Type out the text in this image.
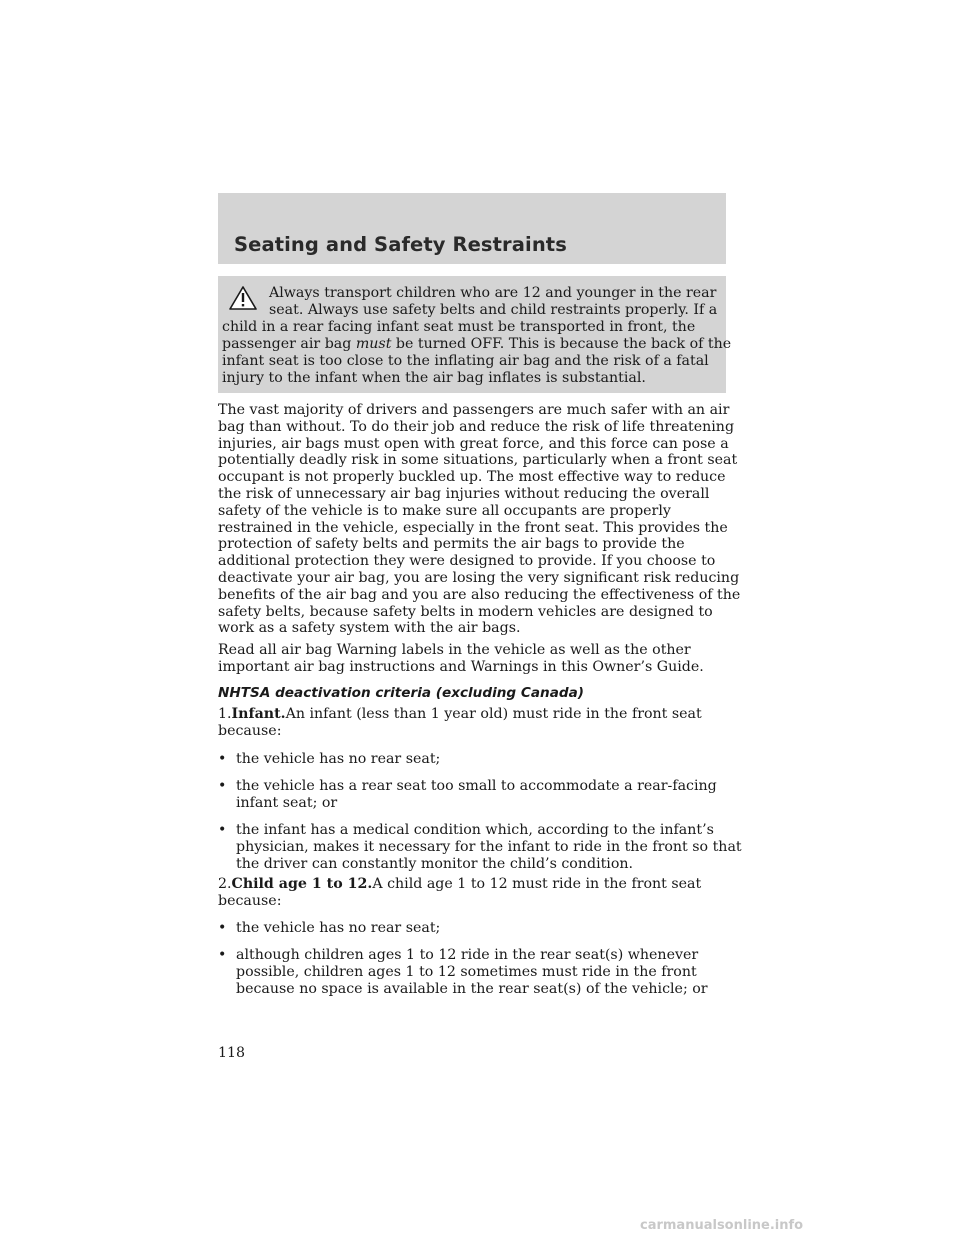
Seating and Safety Restraints
Always transport children who are 12 and younger in the rear
seat. Always use safety belts and child restraints properly. If a
child in a rear facing infant seat must be transported in front, the
passenger air bag must be turned OFF. This is because the back of the
infant seat is too close to the inflating air bag and the risk of a fatal
injury to the infant when the air bag inflates is substantial.
The vast majority of drivers and passengers are much safer with an air
bag than without. To do their job and reduce the risk of life threatening
injuries, air bags must open with great force, and this force can pose a
potentially deadly risk in some situations, particularly when a front seat
occupant is not properly buckled up. The most effective way to reduce
the risk of unnecessary air bag injuries without reducing the overall
safety of the vehicle is to make sure all occupants are properly
restrained in the vehicle, especially in the front seat. This provides the
protection of safety belts and permits the air bags to provide the
additional protection they were designed to provide. If you choose to
deactivate your air bag, you are losing the very significant risk reducing
benefits of the air bag and you are also reducing the effectiveness of the
safety belts, because safety belts in modern vehicles are designed to
work as a safety system with the air bags.
Read all air bag Warning labels in the vehicle as well as the other
important air bag instructions and Warnings in this Owner’s Guide.
NHTSA deactivation criteria (excluding Canada)
1.Infant.An infant (less than 1 year old) must ride in the front seat
because:
• the vehicle has no rear seat;
• the vehicle has a rear seat too small to accommodate a rear-facing
infant seat; or
• the infant has a medical condition which, according to the infant’s
physician, makes it necessary for the infant to ride in the front so that
the driver can constantly monitor the child’s condition.
2.Child age 1 to 12.A child age 1 to 12 must ride in the front seat
because:
• the vehicle has no rear seat;
• although children ages 1 to 12 ride in the rear seat(s) whenever
possible, children ages 1 to 12 sometimes must ride in the front
because no space is available in the rear seat(s) of the vehicle; or
118
carmanualsonline.info
